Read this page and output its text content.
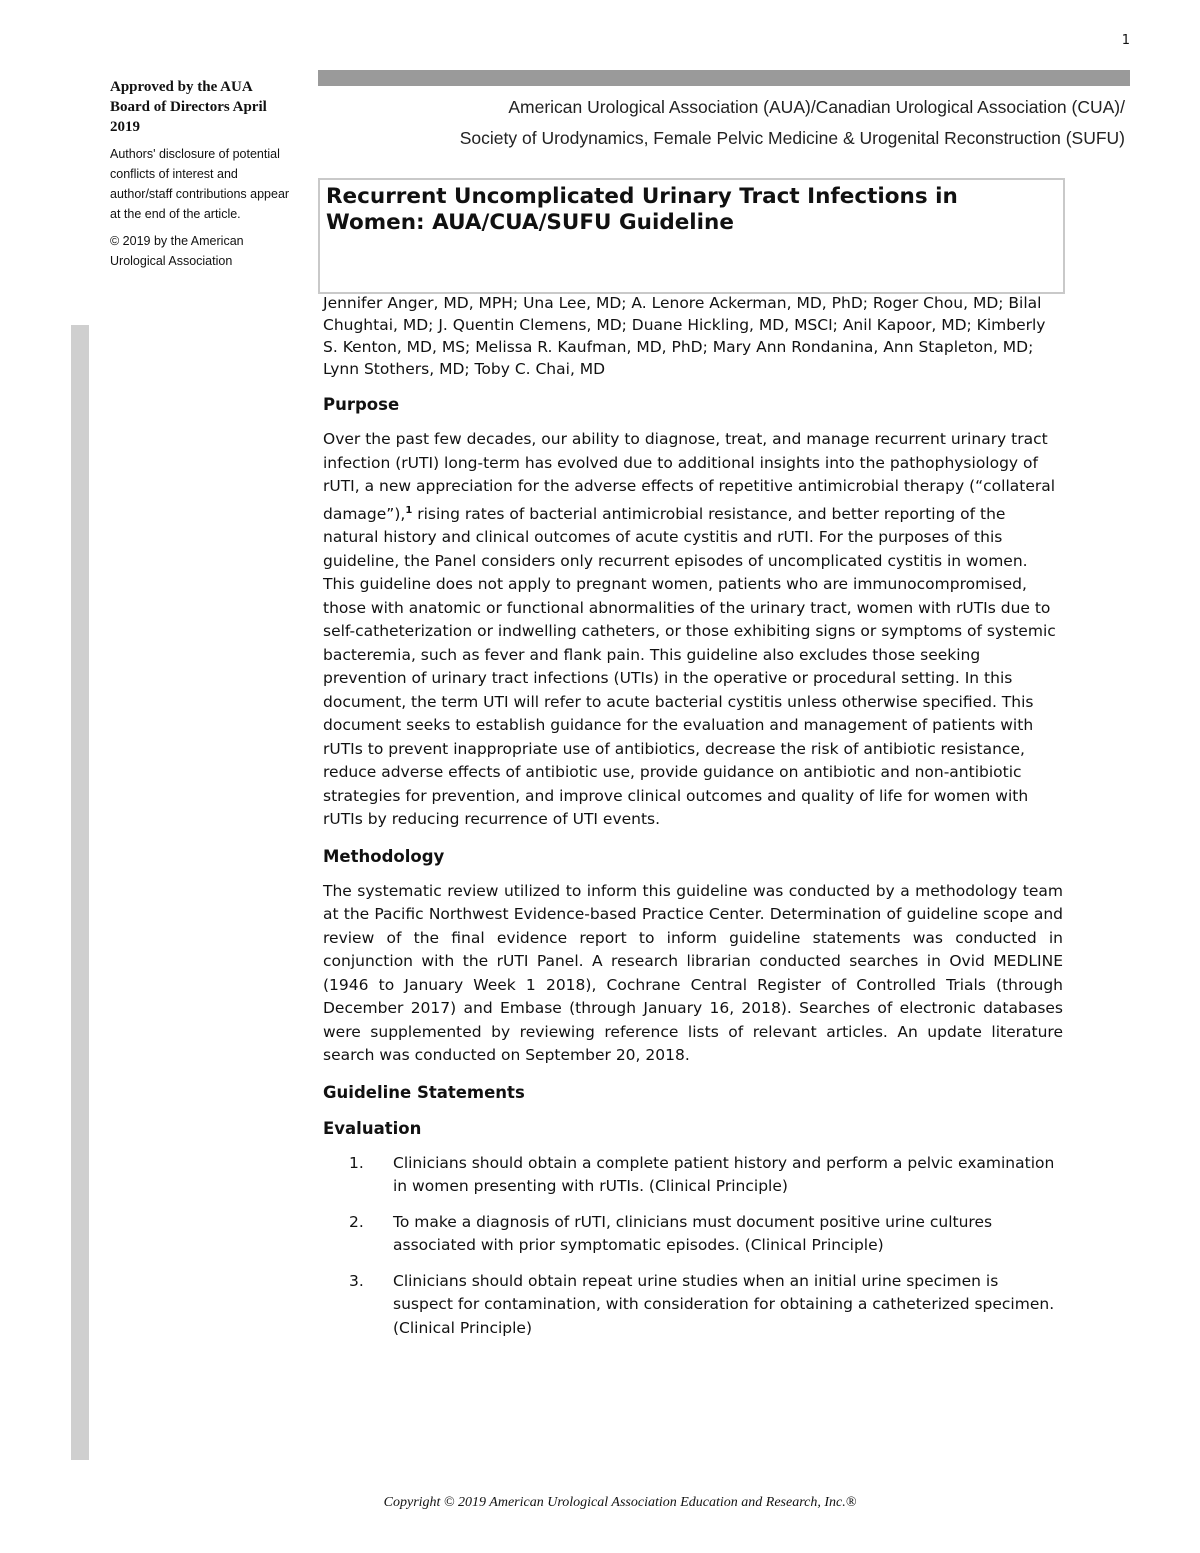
1
Approved by the AUA Board of Directors April 2019
Authors' disclosure of potential conflicts of interest and author/staff contributions appear at the end of the article.
© 2019 by the American Urological Association
American Urological Association (AUA)/Canadian Urological Association (CUA)/
Society of Urodynamics, Female Pelvic Medicine & Urogenital Reconstruction (SUFU)
Recurrent Uncomplicated Urinary Tract Infections in Women: AUA/CUA/SUFU Guideline

Jennifer Anger, MD, MPH; Una Lee, MD; A. Lenore Ackerman, MD, PhD; Roger Chou, MD; Bilal Chughtai, MD; J. Quentin Clemens, MD; Duane Hickling, MD, MSCI; Anil Kapoor, MD; Kimberly S. Kenton, MD, MS; Melissa R. Kaufman, MD, PhD; Mary Ann Rondanina, Ann Stapleton, MD; Lynn Stothers, MD; Toby C. Chai, MD

Purpose

Over the past few decades, our ability to diagnose, treat, and manage recurrent urinary tract infection (rUTI) long-term has evolved due to additional insights into the pathophysiology of rUTI, a new appreciation for the adverse effects of repetitive antimicrobial therapy (“collateral damage”),$^1$ rising rates of bacterial antimicrobial resistance, and better reporting of the natural history and clinical outcomes of acute cystitis and rUTI. For the purposes of this guideline, the Panel considers only recurrent episodes of uncomplicated cystitis in women. This guideline does not apply to pregnant women, patients who are immunocompromised, those with anatomic or functional abnormalities of the urinary tract, women with rUTIs due to self-catheterization or indwelling catheters, or those exhibiting signs or symptoms of systemic bacteremia, such as fever and flank pain. This guideline also excludes those seeking prevention of urinary tract infections (UTIs) in the operative or procedural setting. In this document, the term UTI will refer to acute bacterial cystitis unless otherwise specified. This document seeks to establish guidance for the evaluation and management of patients with rUTIs to prevent inappropriate use of antibiotics, decrease the risk of antibiotic resistance, reduce adverse effects of antibiotic use, provide guidance on antibiotic and non-antibiotic strategies for prevention, and improve clinical outcomes and quality of life for women with rUTIs by reducing recurrence of UTI events.

Methodology

The systematic review utilized to inform this guideline was conducted by a methodology team at the Pacific Northwest Evidence-based Practice Center. Determination of guideline scope and review of the final evidence report to inform guideline statements was conducted in conjunction with the rUTI Panel. A research librarian conducted searches in Ovid MEDLINE (1946 to January Week 1 2018), Cochrane Central Register of Controlled Trials (through December 2017) and Embase (through January 16, 2018). Searches of electronic databases were supplemented by reviewing reference lists of relevant articles. An update literature search was conducted on September 20, 2018.

Guideline Statements
Evaluation
1.	Clinicians should obtain a complete patient history and perform a pelvic examination in women presenting with rUTIs. (Clinical Principle)
2.	To make a diagnosis of rUTI, clinicians must document positive urine cultures associated with prior symptomatic episodes. (Clinical Principle)
3.	Clinicians should obtain repeat urine studies when an initial urine specimen is suspect for contamination, with consideration for obtaining a catheterized specimen. (Clinical Principle)
Copyright © 2019 American Urological Association Education and Research, Inc.®
